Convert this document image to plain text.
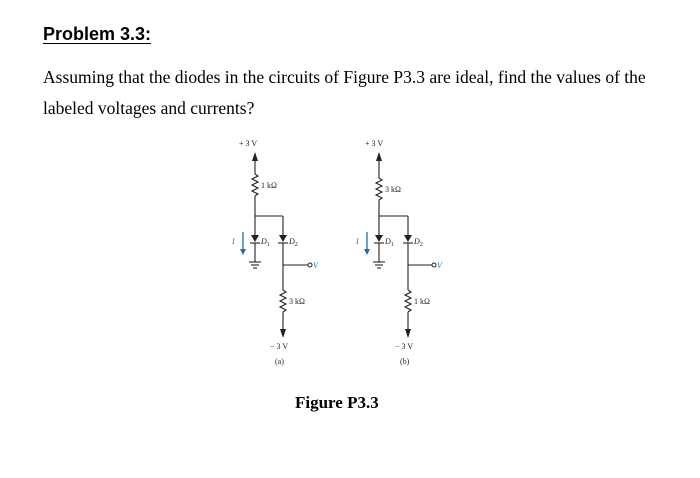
Problem 3.3:
Assuming that the diodes in the circuits of Figure P3.3 are ideal, find the values of the labeled voltages and currents?
+ 3 V
1 kΩ
$D_1$
I	$D_2$
V
3 kΩ
− 3 V
(a)
+ 3 V
3 kΩ
$D_1$
I	$D_2$
V
1 kΩ
− 3 V
(b)
Figure P3.3
